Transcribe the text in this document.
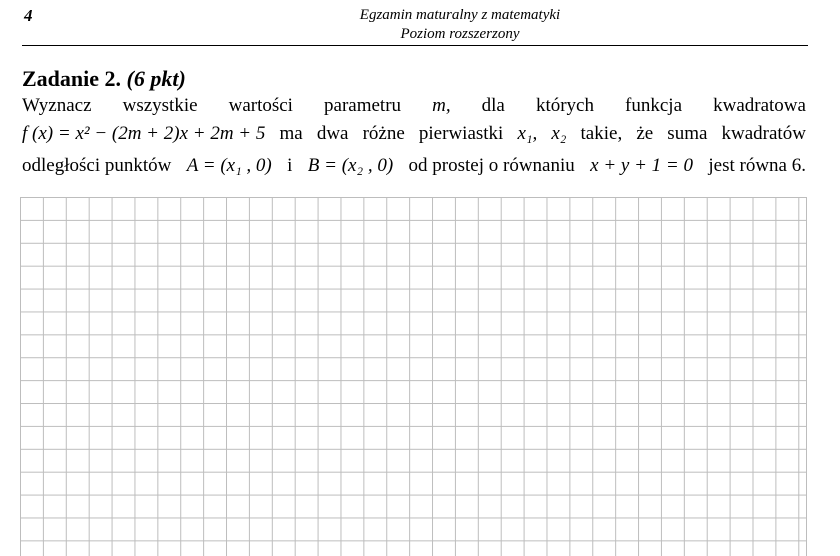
4	Egzamin maturalny z matematyki
Poziom rozszerzony
Zadanie 2. (6 pkt)
Wyznacz wszystkie wartości parametru m, dla których funkcja kwadratowa
f (x) = x² − (2m + 2)x + 2m + 5 ma dwa różne pierwiastki x₁, x₂ takie, że suma kwadratów
odległości punktów A = (x₁ , 0) i B = (x₂ , 0) od prostej o równaniu x + y + 1 = 0 jest równa 6.
